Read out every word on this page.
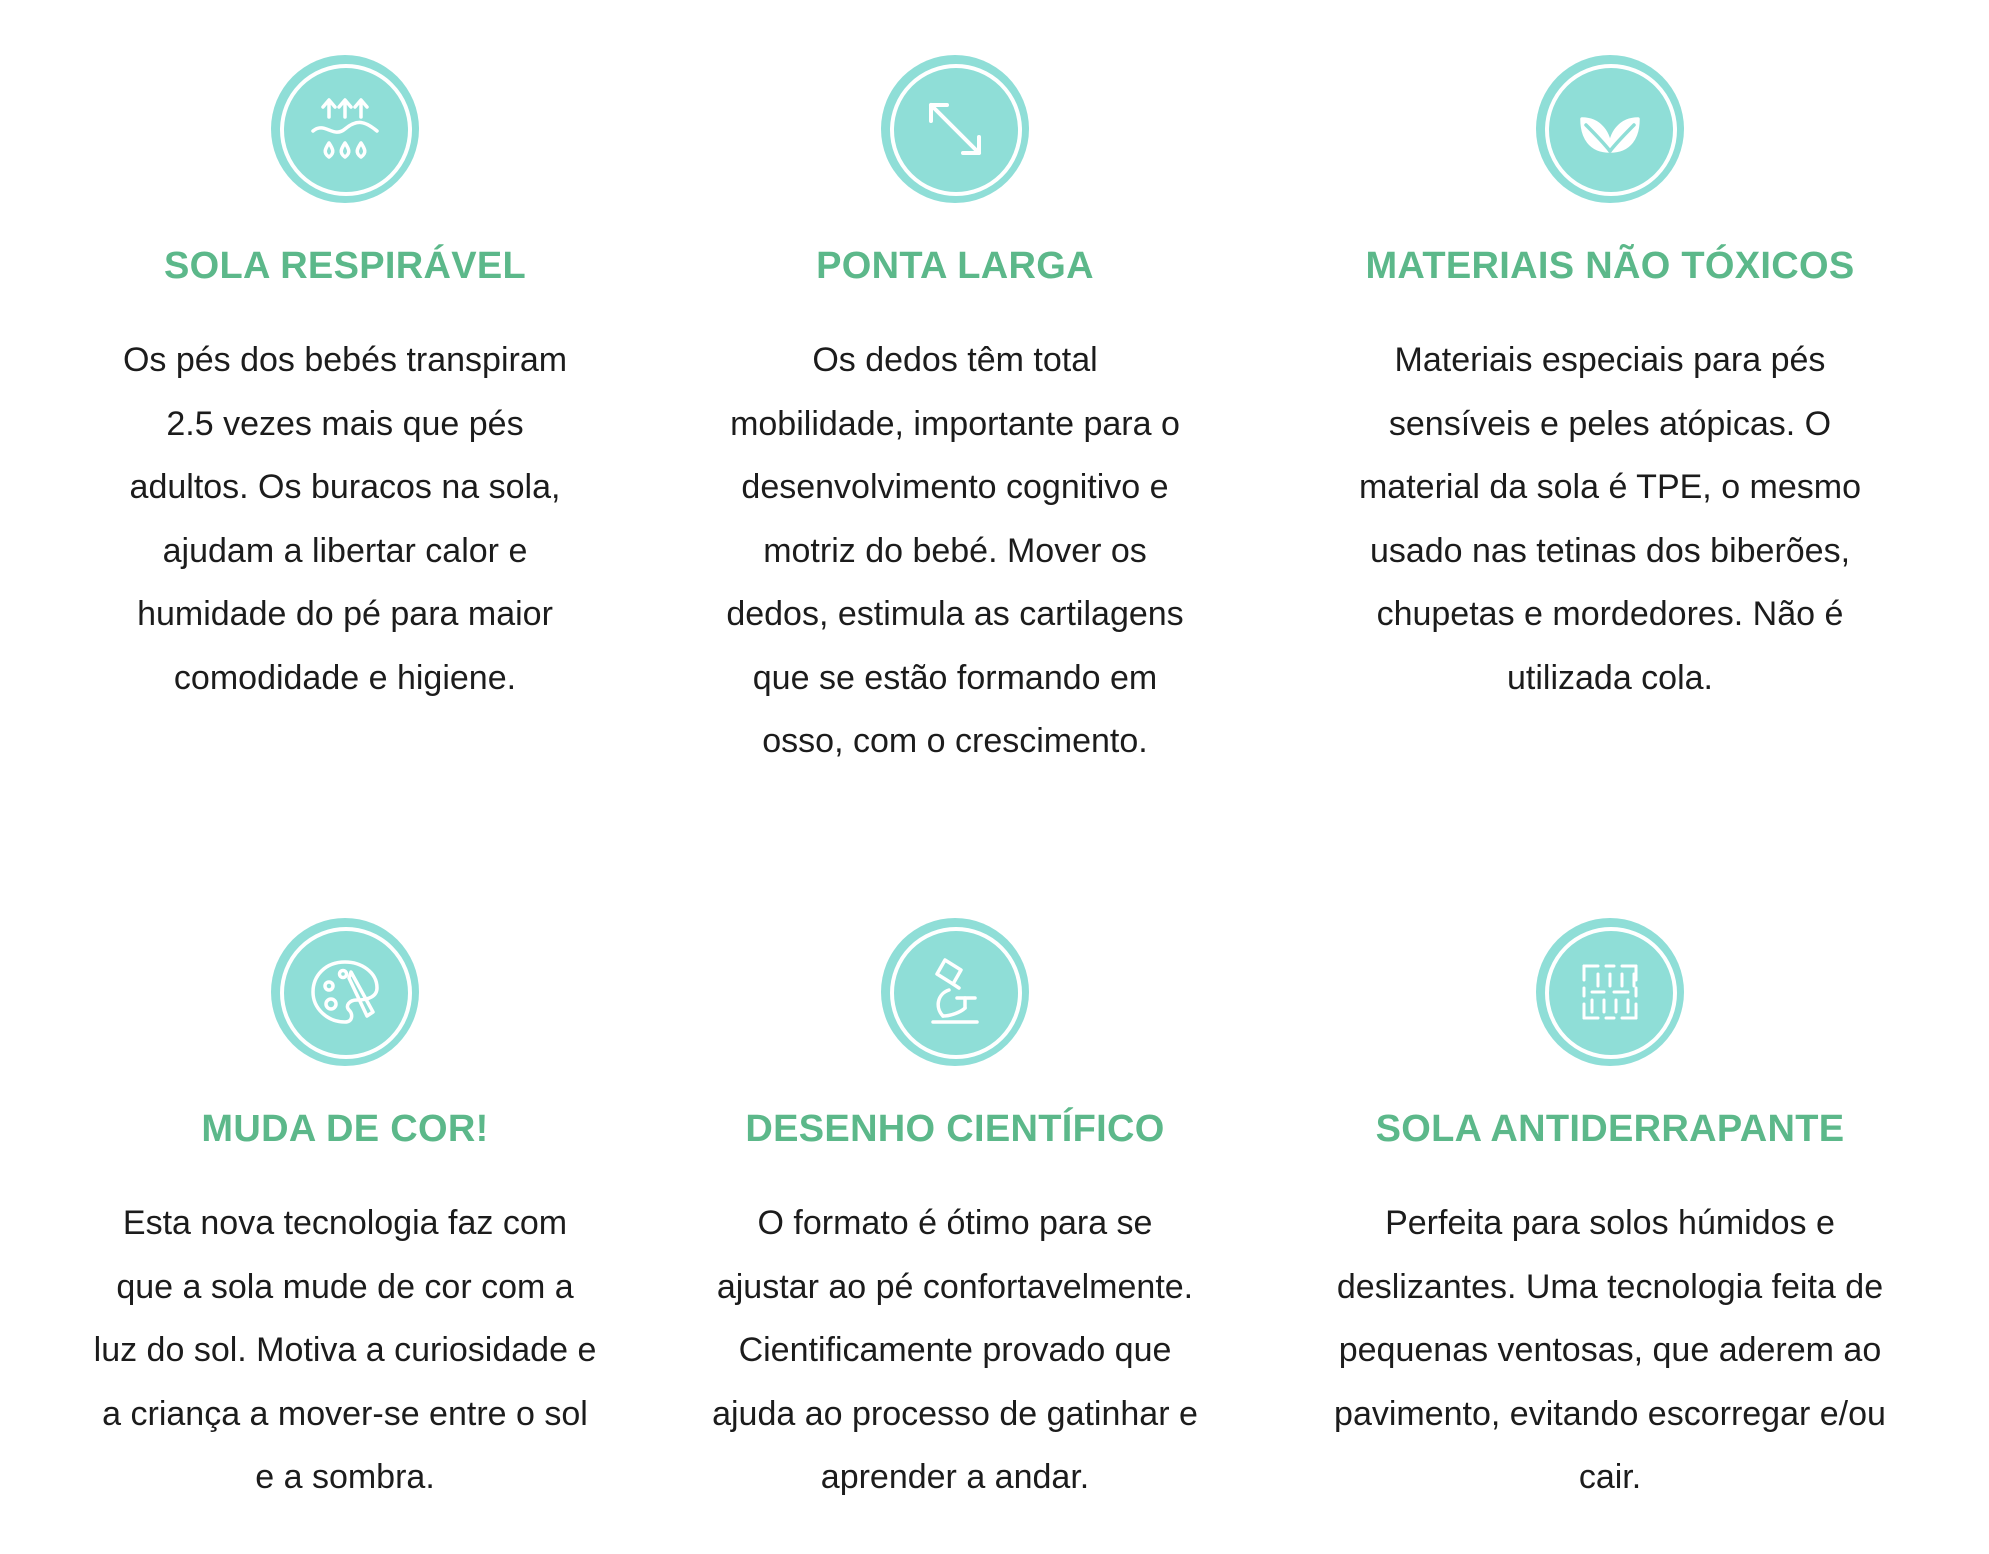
SOLA RESPIRÁVEL
Os pés dos bebés transpiram
2.5 vezes mais que pés
adultos. Os buracos na sola,
ajudam a libertar calor e
humidade do pé para maior
comodidade e higiene.
PONTA LARGA
Os dedos têm total
mobilidade, importante para o
desenvolvimento cognitivo e
motriz do bebé. Mover os
dedos, estimula as cartilagens
que se estão formando em
osso, com o crescimento.
MATERIAIS NÃO TÓXICOS
Materiais especiais para pés
sensíveis e peles atópicas. O
material da sola é TPE, o mesmo
usado nas tetinas dos biberões,
chupetas e mordedores. Não é
utilizada cola.
MUDA DE COR!
Esta nova tecnologia faz com
que a sola mude de cor com a
luz do sol. Motiva a curiosidade e
a criança a mover-se entre o sol
e a sombra.
DESENHO CIENTÍFICO
O formato é ótimo para se
ajustar ao pé confortavelmente.
Cientificamente provado que
ajuda ao processo de gatinhar e
aprender a andar.
SOLA ANTIDERRAPANTE
Perfeita para solos húmidos e
deslizantes. Uma tecnologia feita de
pequenas ventosas, que aderem ao
pavimento, evitando escorregar e/ou
cair.
